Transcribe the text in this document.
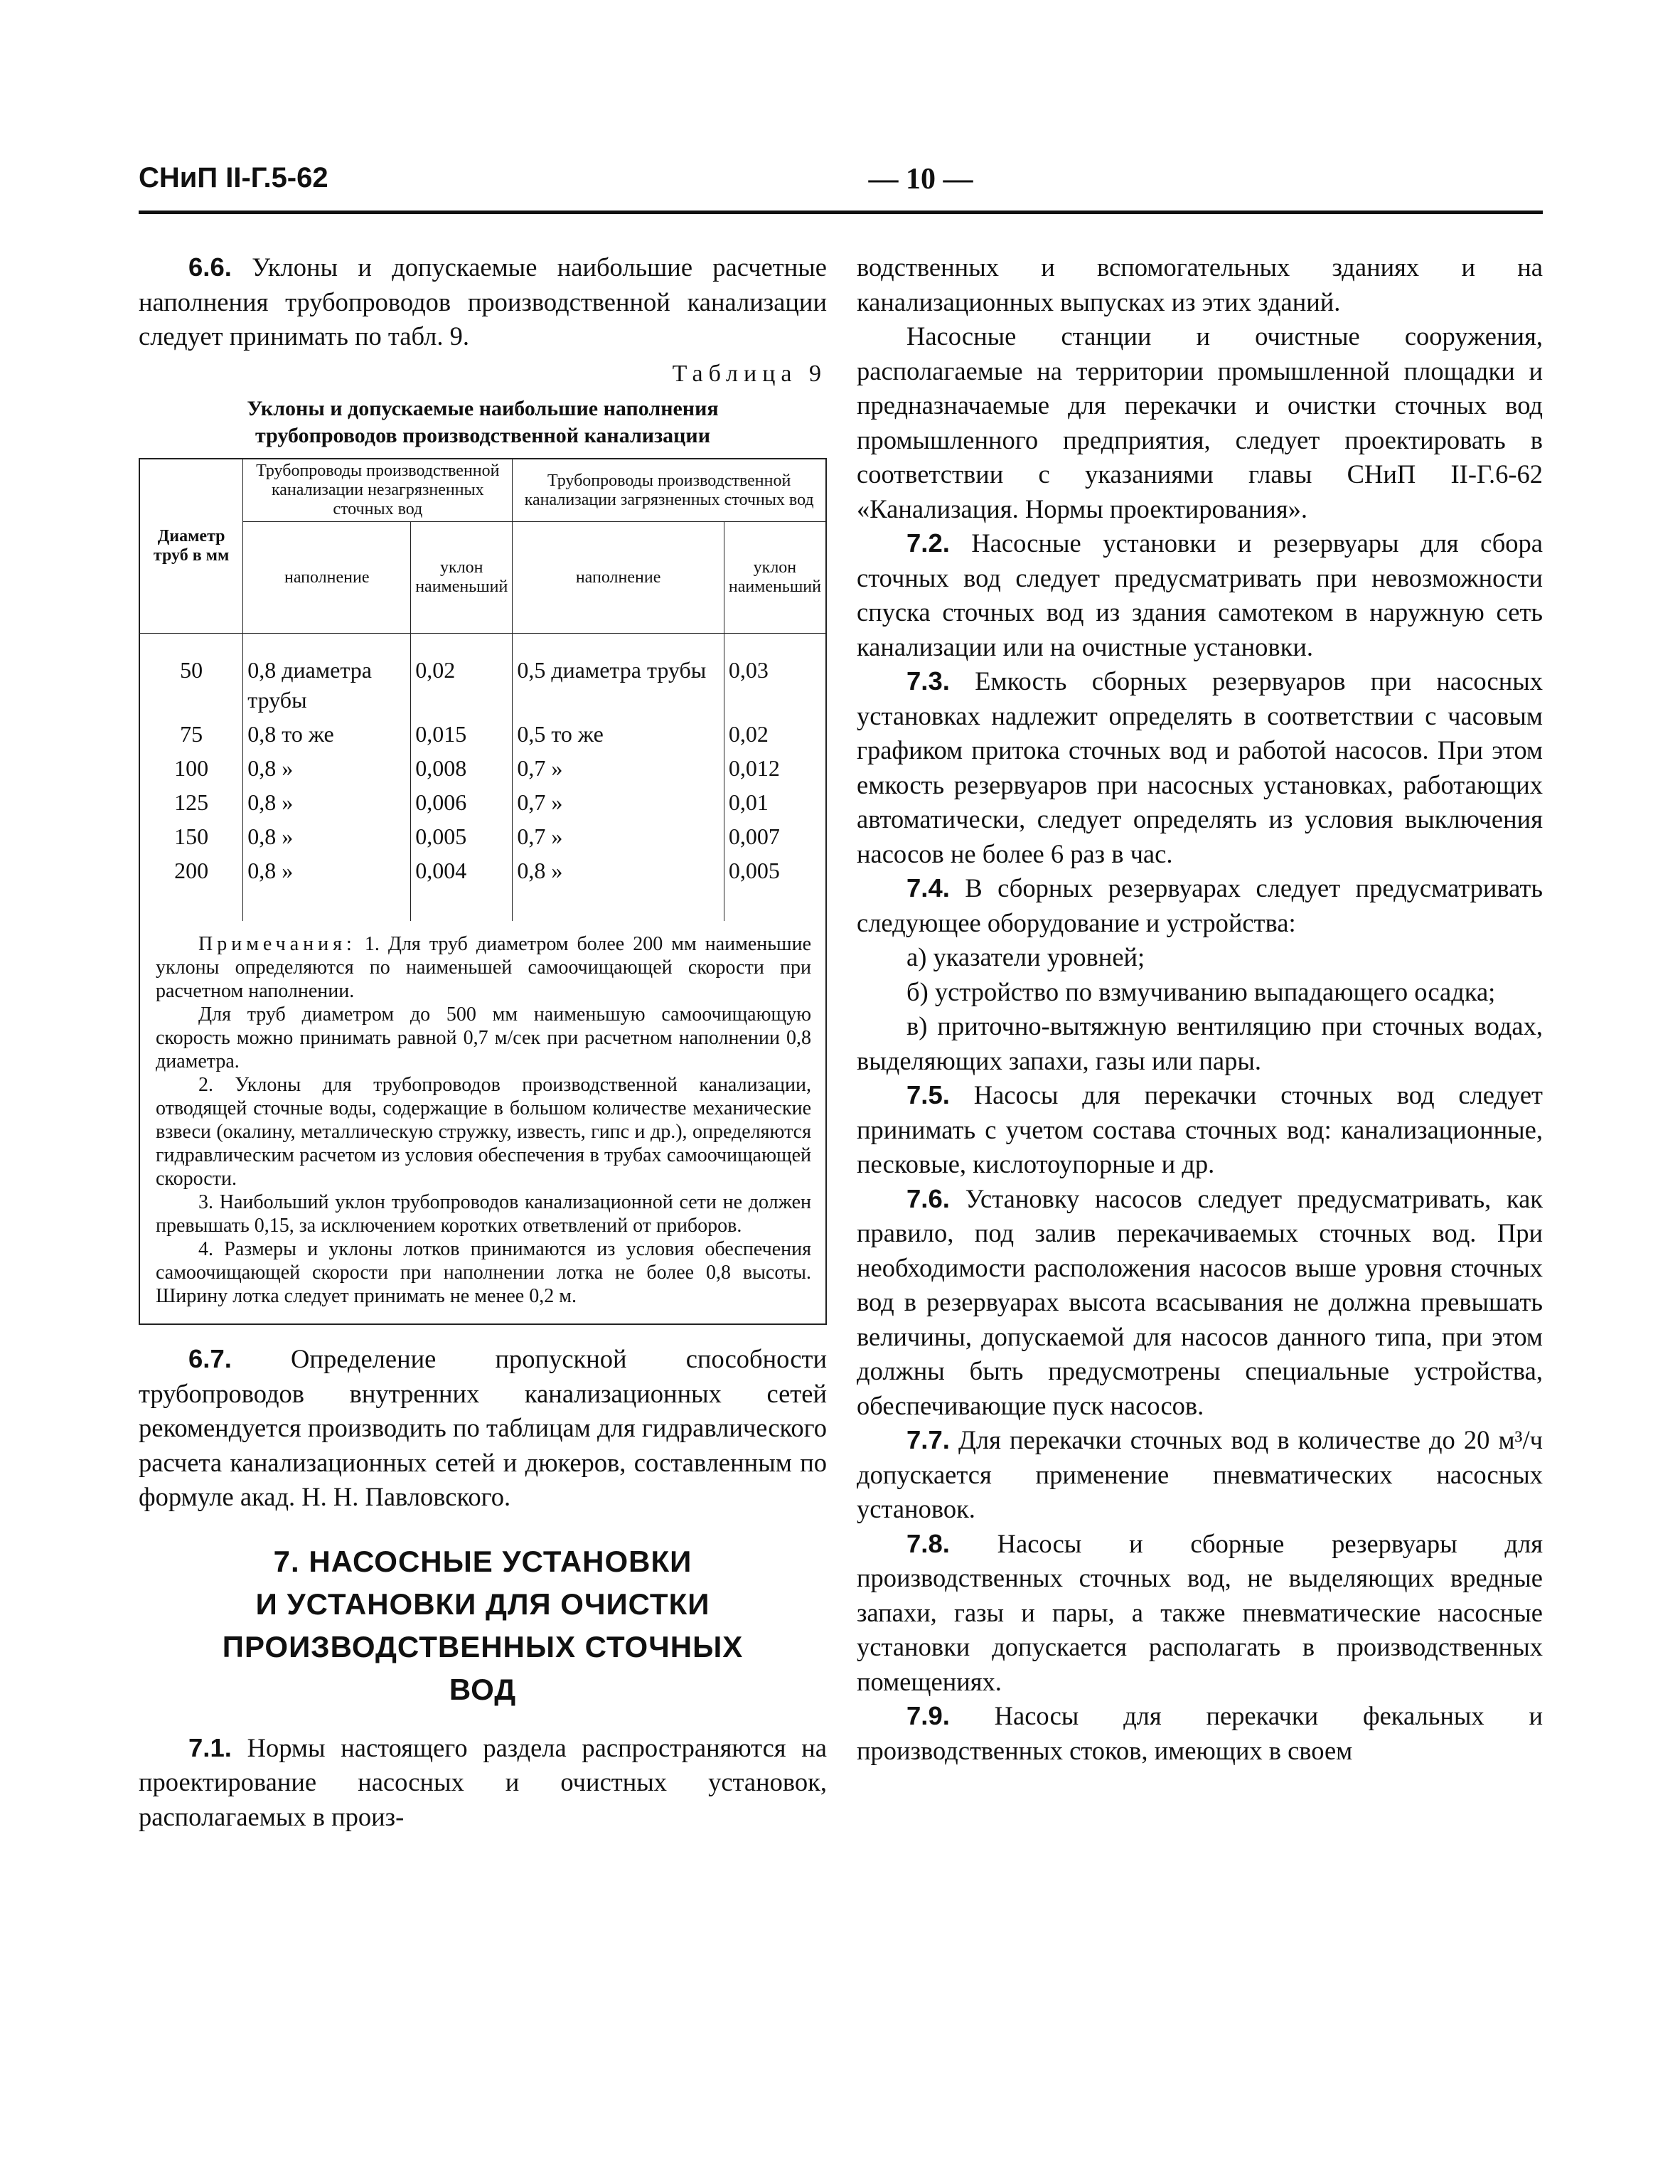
СНиП II-Г.5-62	— 10 —

6.6. Уклоны и допускаемые наибольшие расчетные наполнения трубопроводов производственной канализации следует принимать по табл. 9.

Таблица 9
Уклоны и допускаемые наибольшие наполнения
трубопроводов производственной канализации
Диаметр труб в мм	Трубопроводы производственной канализации незагрязненных сточных вод		Трубопроводы производственной канализации загрязненных сточных вод	
	наполнение	уклон наименьший	наполнение	уклон наименьший
50	0,8 диаметра трубы	0,02	0,5 диаметра трубы	0,03
75	0,8 то же	0,015	0,5 то же	0,02
100	0,8 »	0,008	0,7 »	0,012
125	0,8 »	0,006	0,7 »	0,01
150	0,8 »	0,005	0,7 »	0,007
200	0,8 »	0,004	0,8 »	0,005

Примечания: 1. Для труб диаметром более 200 мм наименьшие уклоны определяются по наименьшей самоочищающей скорости при расчетном наполнении.

Для труб диаметром до 500 мм наименьшую самоочищающую скорость можно принимать равной 0,7 м/сек при расчетном наполнении 0,8 диаметра.

2. Уклоны для трубопроводов производственной канализации, отводящей сточные воды, содержащие в большом количестве механические взвеси (окалину, металлическую стружку, известь, гипс и др.), определяются гидравлическим расчетом из условия обеспечения в трубах самоочищающей скорости.

3. Наибольший уклон трубопроводов канализационной сети не должен превышать 0,15, за исключением коротких ответвлений от приборов.

4. Размеры и уклоны лотков принимаются из условия обеспечения самоочищающей скорости при наполнении лотка не более 0,8 высоты. Ширину лотка следует принимать не менее 0,2 м.

6.7. Определение пропускной способности трубопроводов внутренних канализационных сетей рекомендуется производить по таблицам для гидравлического расчета канализационных сетей и дюкеров, составленным по формуле акад. Н. Н. Павловского.

7. НАСОСНЫЕ УСТАНОВКИ
И УСТАНОВКИ ДЛЯ ОЧИСТКИ
ПРОИЗВОДСТВЕННЫХ СТОЧНЫХ
ВОД

7.1. Нормы настоящего раздела распространяются на проектирование насосных и очистных установок, располагаемых в произ-

водственных и вспомогательных зданиях и на канализационных выпусках из этих зданий.

Насосные станции и очистные сооружения, располагаемые на территории промышленной площадки и предназначаемые для перекачки и очистки сточных вод промышленного предприятия, следует проектировать в соответствии с указаниями главы СНиП II-Г.6-62 «Канализация. Нормы проектирования».

7.2. Насосные установки и резервуары для сбора сточных вод следует предусматривать при невозможности спуска сточных вод из здания самотеком в наружную сеть канализации или на очистные установки.

7.3. Емкость сборных резервуаров при насосных установках надлежит определять в соответствии с часовым графиком притока сточных вод и работой насосов. При этом емкость резервуаров при насосных установках, работающих автоматически, следует определять из условия выключения насосов не более 6 раз в час.

7.4. В сборных резервуарах следует предусматривать следующее оборудование и устройства:

а) указатели уровней;

б) устройство по взмучиванию выпадающего осадка;

в) приточно-вытяжную вентиляцию при сточных водах, выделяющих запахи, газы или пары.

7.5. Насосы для перекачки сточных вод следует принимать с учетом состава сточных вод: канализационные, песковые, кислотоупорные и др.

7.6. Установку насосов следует предусматривать, как правило, под залив перекачиваемых сточных вод. При необходимости расположения насосов выше уровня сточных вод в резервуарах высота всасывания не должна превышать величины, допускаемой для насосов данного типа, при этом должны быть предусмотрены специальные устройства, обеспечивающие пуск насосов.

7.7. Для перекачки сточных вод в количестве до 20 м³/ч допускается применение пневматических насосных установок.

7.8. Насосы и сборные резервуары для производственных сточных вод, не выделяющих вредные запахи, газы и пары, а также пневматические насосные установки допускается располагать в производственных помещениях.

7.9. Насосы для перекачки фекальных и производственных стоков, имеющих в своем
